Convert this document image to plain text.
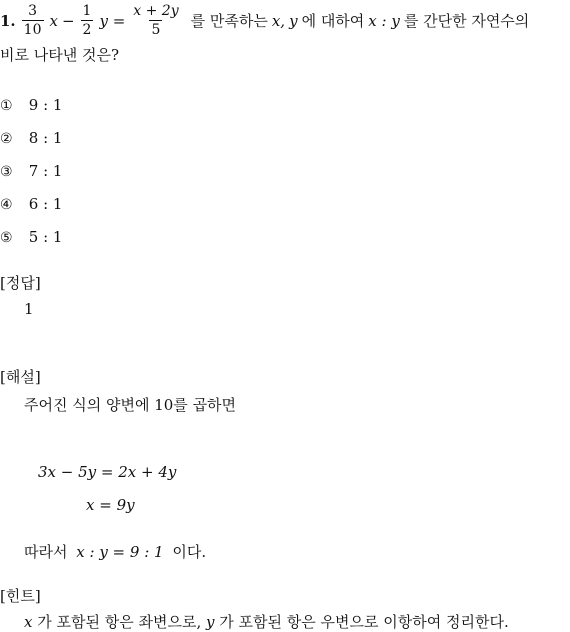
1. $\frac{3}{10}$ $x - \frac{1}{2}$ $y = \frac{x + 2y}{5}$ 를 만족하는 x, y 에 대하여 x : y 를 간단한 자연수의
비로 나타낸 것은?
① 9 : 1
② 8 : 1
③ 7 : 1
④ 6 : 1
⑤ 5 : 1
[정답]
1
[해설]
주어진 식의 양변에 10를 곱하면
3x − 5y = 2x + 4y
x = 9y
따라서 x : y = 9 : 1 이다.
[힌트]
x 가 포함된 항은 좌변으로, y 가 포함된 항은 우변으로 이항하여 정리한다.
